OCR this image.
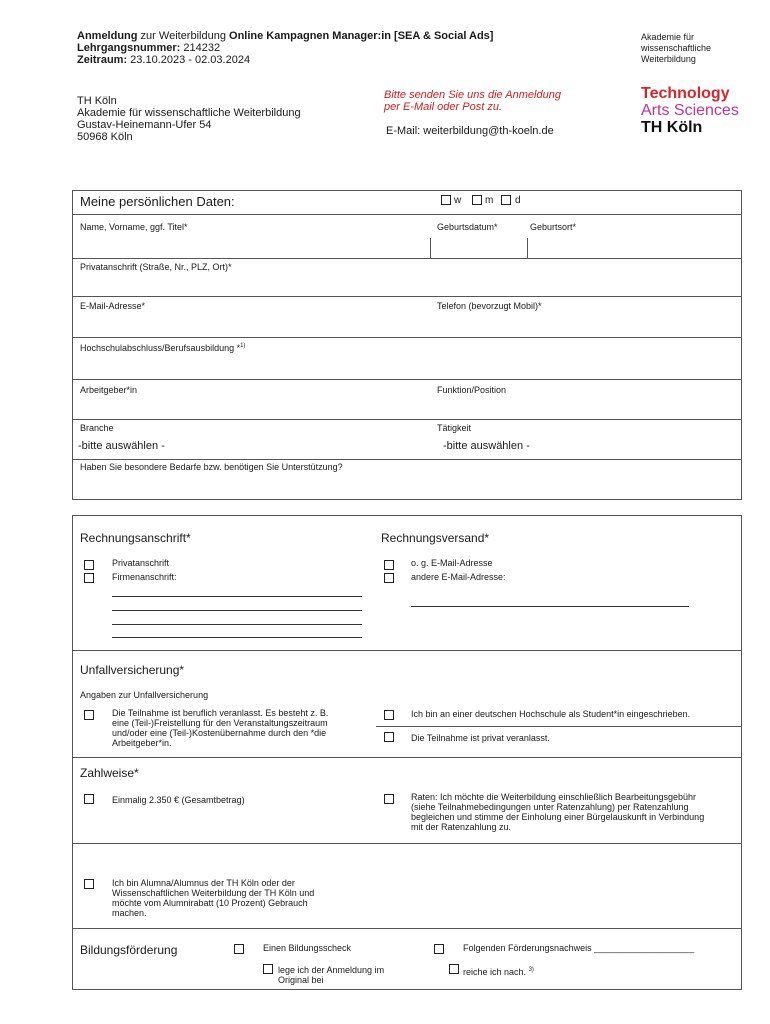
Anmeldung zur Weiterbildung Online Kampagnen Manager:in [SEA & Social Ads]
Lehrgangsnummer: 214232
Zeitraum: 23.10.2023 - 02.03.2024
TH Köln
Akademie für wissenschaftliche Weiterbildung
Gustav-Heinemann-Ufer 54
50968 Köln
Bitte senden Sie uns die Anmeldung
per E-Mail oder Post zu.
E-Mail: weiterbildung@th-koeln.de
Akademie für
wissenschaftliche
Weiterbildung
Technology
Arts Sciences
TH Köln
Meine persönlichen Daten:	w m d
Name, Vorname, ggf. Titel*	Geburtsdatum*	Geburtsort*
Privatanschrift (Straße, Nr., PLZ, Ort)*
E-Mail-Adresse*	Telefon (bevorzugt Mobil)*
Hochschulabschluss/Berufsausbildung *$^{1)}$
Arbeitgeber*in	Funktion/Position
Branche	Tätigkeit
-bitte auswählen -	-bitte auswählen -
Haben Sie besondere Bedarfe bzw. benötigen Sie Unterstützung?
Rechnungsanschrift*
Privatanschrift
Firmenanschrift:
Rechnungsversand*
o. g. E-Mail-Adresse
andere E-Mail-Adresse:
Unfallversicherung*
Angaben zur Unfallversicherung
Die Teilnahme ist beruflich veranlasst. Es besteht z. B.
eine (Teil-)Freistellung für den Veranstaltungszeitraum
und/oder eine (Teil-)Kostenübernahme durch den *die
Arbeitgeber*in.
Ich bin an einer deutschen Hochschule als Student*in eingeschrieben.
Die Teilnahme ist privat veranlasst.
Zahlweise*
Einmalig 2.350 € (Gesamtbetrag)	Raten: Ich möchte die Weiterbildung einschließlich Bearbeitungsgebühr
(siehe Teilnahmebedingungen unter Ratenzahlung) per Ratenzahlung
begleichen und stimme der Einholung einer Bürgelauskunft in Verbindung
mit der Ratenzahlung zu.
Ich bin Alumna/Alumnus der TH Köln oder der
Wissenschaftlichen Weiterbildung der TH Köln und
möchte vom Alumnirabatt (10 Prozent) Gebrauch
machen.
Bildungsförderung	Einen Bildungsscheck
lege ich der Anmeldung im
Original bei
Folgenden Förderungsnachweis ____________________
reiche ich nach. $^{3)}$
